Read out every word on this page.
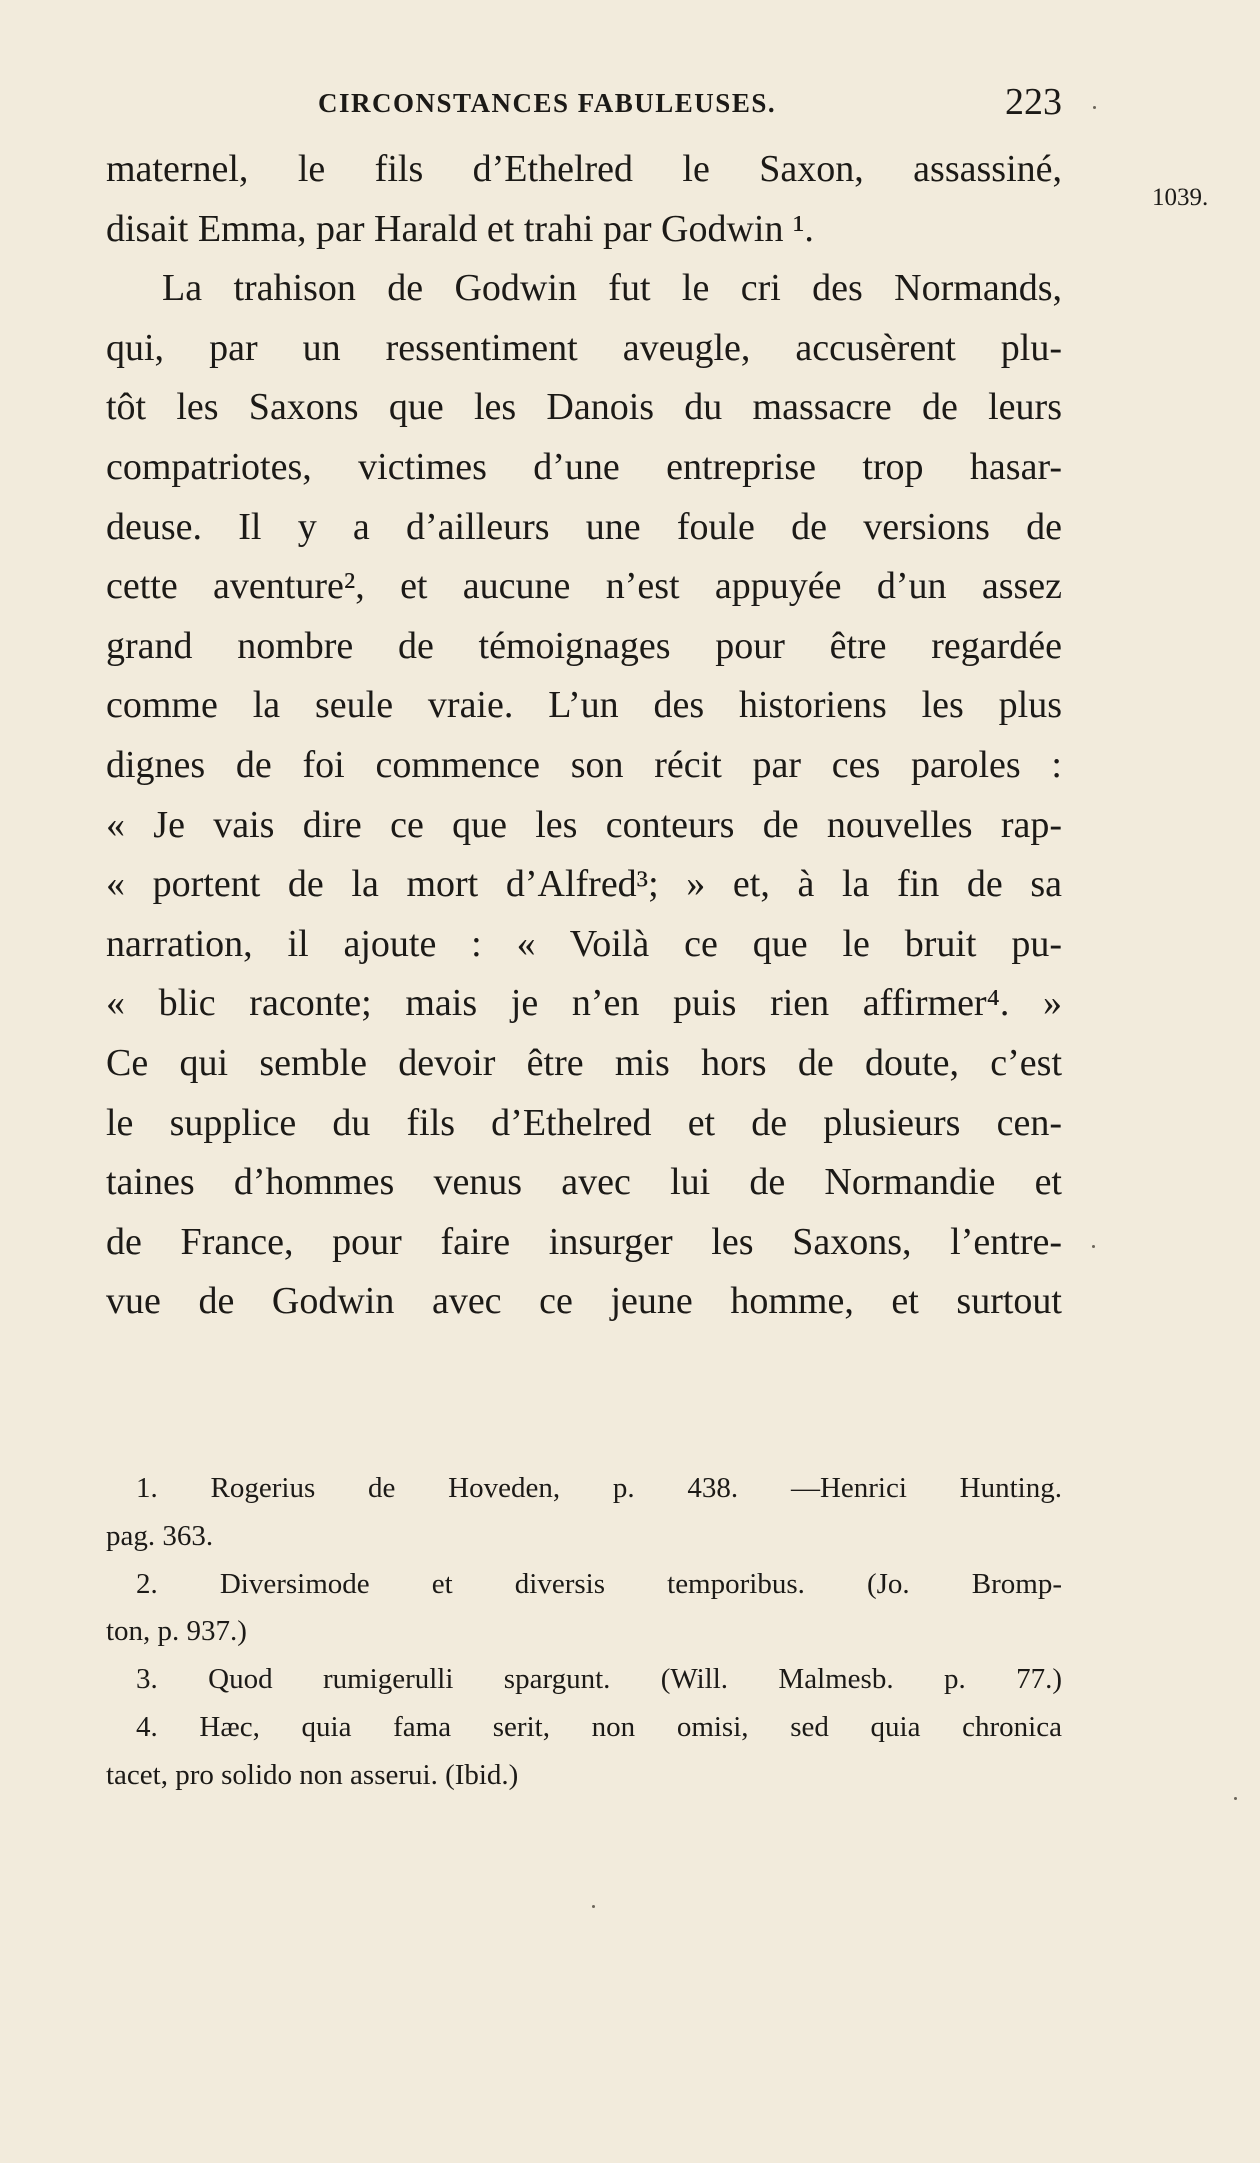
CIRCONSTANCES FABULEUSES.	223
1039.
maternel, le fils d’Ethelred le Saxon, assassiné,
disait Emma, par Harald et trahi par Godwin ¹.
La trahison de Godwin fut le cri des Normands,
qui, par un ressentiment aveugle, accusèrent plu-
tôt les Saxons que les Danois du massacre de leurs
compatriotes, victimes d’une entreprise trop hasar-
deuse. Il y a d’ailleurs une foule de versions de
cette aventure², et aucune n’est appuyée d’un assez
grand nombre de témoignages pour être regardée
comme la seule vraie. L’un des historiens les plus
dignes de foi commence son récit par ces paroles :
« Je vais dire ce que les conteurs de nouvelles rap-
« portent de la mort d’Alfred³; » et, à la fin de sa
narration, il ajoute : « Voilà ce que le bruit pu-
« blic raconte; mais je n’en puis rien affirmer⁴. »
Ce qui semble devoir être mis hors de doute, c’est
le supplice du fils d’Ethelred et de plusieurs cen-
taines d’hommes venus avec lui de Normandie et
de France, pour faire insurger les Saxons, l’entre-
vue de Godwin avec ce jeune homme, et surtout
1. Rogerius de Hoveden, p. 438. —Henrici Hunting.
pag. 363.
2. Diversimode et diversis temporibus. (Jo. Bromp-
ton, p. 937.)
3. Quod rumigerulli spargunt. (Will. Malmesb. p. 77.)
4. Hæc, quia fama serit, non omisi, sed quia chronica
tacet, pro solido non asserui. (Ibid.)
